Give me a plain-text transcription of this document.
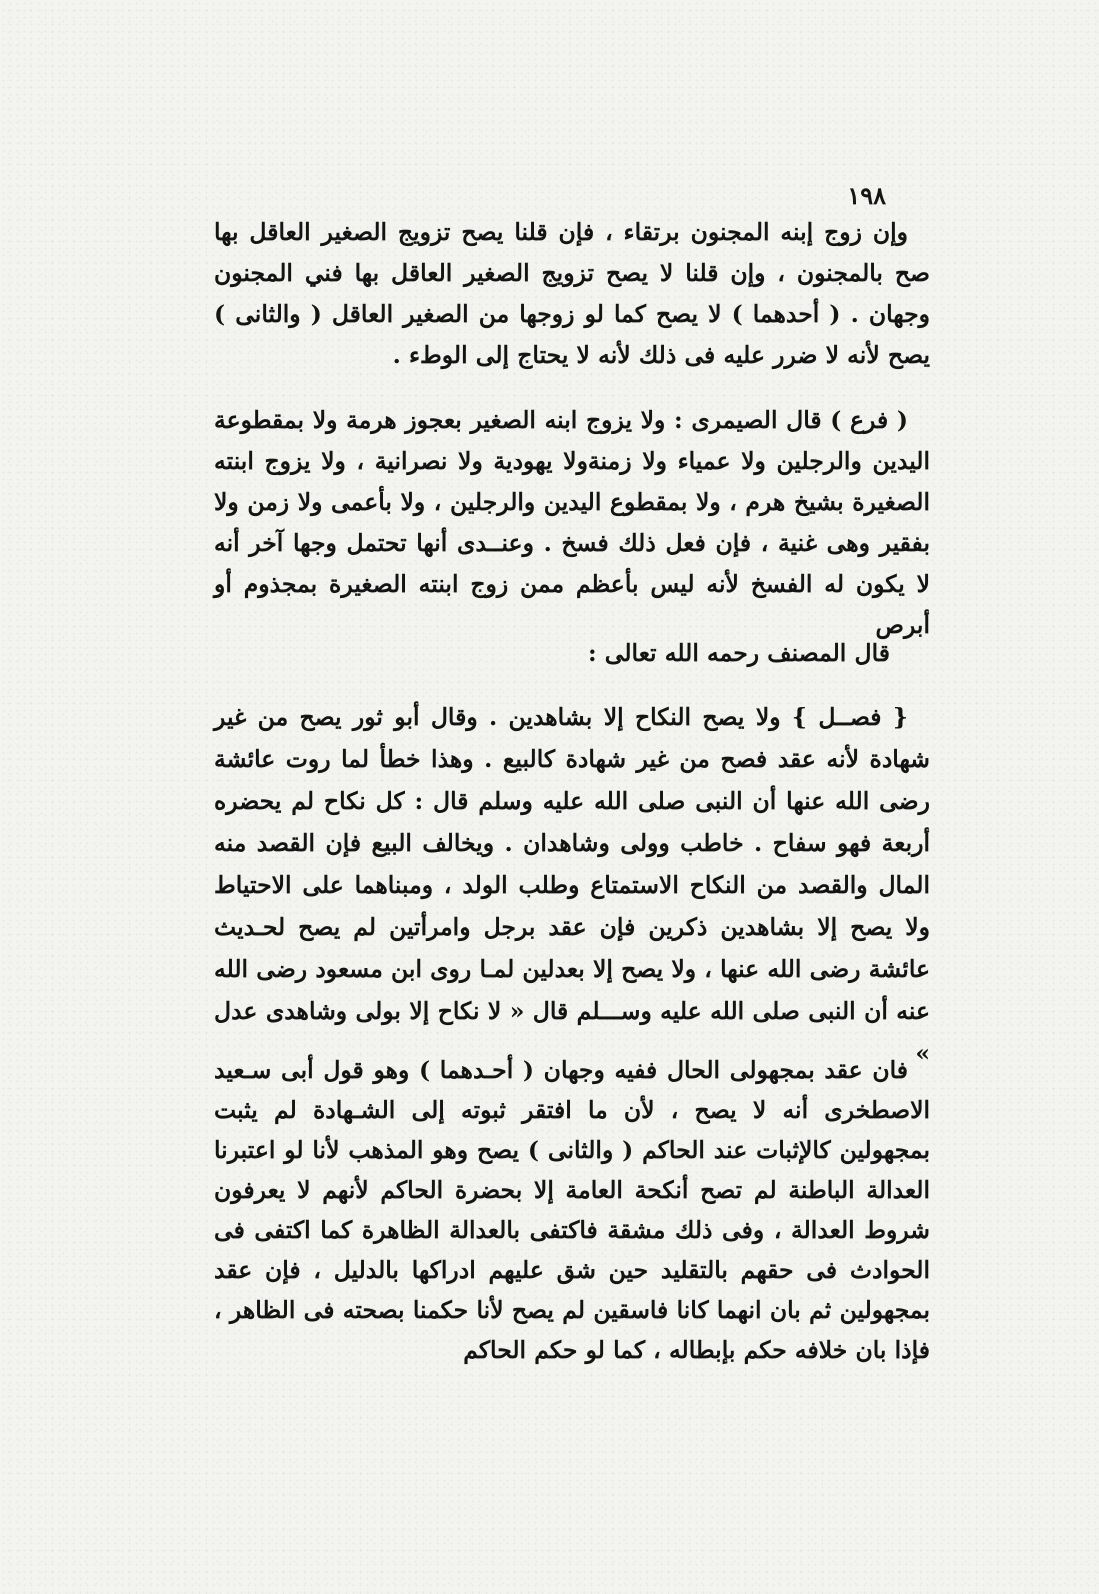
١٩٨

وإن زوج إبنه المجنون برتقاء ، فإن قلنا يصح تزويج الصغير العاقل بها صح بالمجنون ، وإن قلنا لا يصح تزويج الصغير العاقل بها فني المجنون وجهان . ( أحدهما ) لا يصح كما لو زوجها من الصغير العاقل ( والثانى ) يصح لأنه لا ضرر عليه فى ذلك لأنه لا يحتاج إلى الوطء .

( فرع ) قال الصيمرى : ولا يزوج ابنه الصغير بعجوز هرمة ولا بمقطوعة اليدين والرجلين ولا عمياء ولا زمنةولا يهودية ولا نصرانية ، ولا يزوج ابنته الصغيرة بشيخ هرم ، ولا بمقطوع اليدين والرجلين ، ولا بأعمى ولا زمن ولا بفقير وهى غنية ، فإن فعل ذلك فسخ . وعنــدى أنها تحتمل وجها آخر أنه لا يكون له الفسخ لأنه ليس بأعظم ممن زوج ابنته الصغيرة بمجذوم أو أبرص

قال المصنف رحمه الله تعالى :

{ فصــل } ولا يصح النكاح إلا بشاهدين . وقال أبو ثور يصح من غير شهادة لأنه عقد فصح من غير شهادة كالبيع . وهذا خطأ لما روت عائشة رضى الله عنها أن النبى صلى الله عليه وسلم قال : كل نكاح لم يحضره أربعة فهو سفاح . خاطب وولى وشاهدان . ويخالف البيع فإن القصد منه المال والقصد من النكاح الاستمتاع وطلب الولد ، ومبناهما على الاحتياط ولا يصح إلا بشاهدين ذكرين فإن عقد برجل وامرأتين لم يصح لحـديث عائشة رضى الله عنها ، ولا يصح إلا بعدلين لمـا روى ابن مسعود رضى الله عنه أن النبى صلى الله عليه وســـلم قال « لا نكاح إلا بولى وشاهدى عدل »

فان عقد بمجهولى الحال ففيه وجهان ( أحـدهما ) وهو قول أبى سـعيد الاصطخرى أنه لا يصح ، لأن ما افتقر ثبوته إلى الشـهادة لم يثبت بمجهولين كالإثبات عند الحاكم ( والثانى ) يصح وهو المذهب لأنا لو اعتبرنا العدالة الباطنة لم تصح أنكحة العامة إلا بحضرة الحاكم لأنهم لا يعرفون شروط العدالة ، وفى ذلك مشقة فاكتفى بالعدالة الظاهرة كما اكتفى فى الحوادث فى حقهم بالتقليد حين شق عليهم ادراكها بالدليل ، فإن عقد بمجهولين ثم بان انهما كانا فاسقين لم يصح لأنا حكمنا بصحته فى الظاهر ، فإذا بان خلافه حكم بإبطاله ، كما لو حكم الحاكم
